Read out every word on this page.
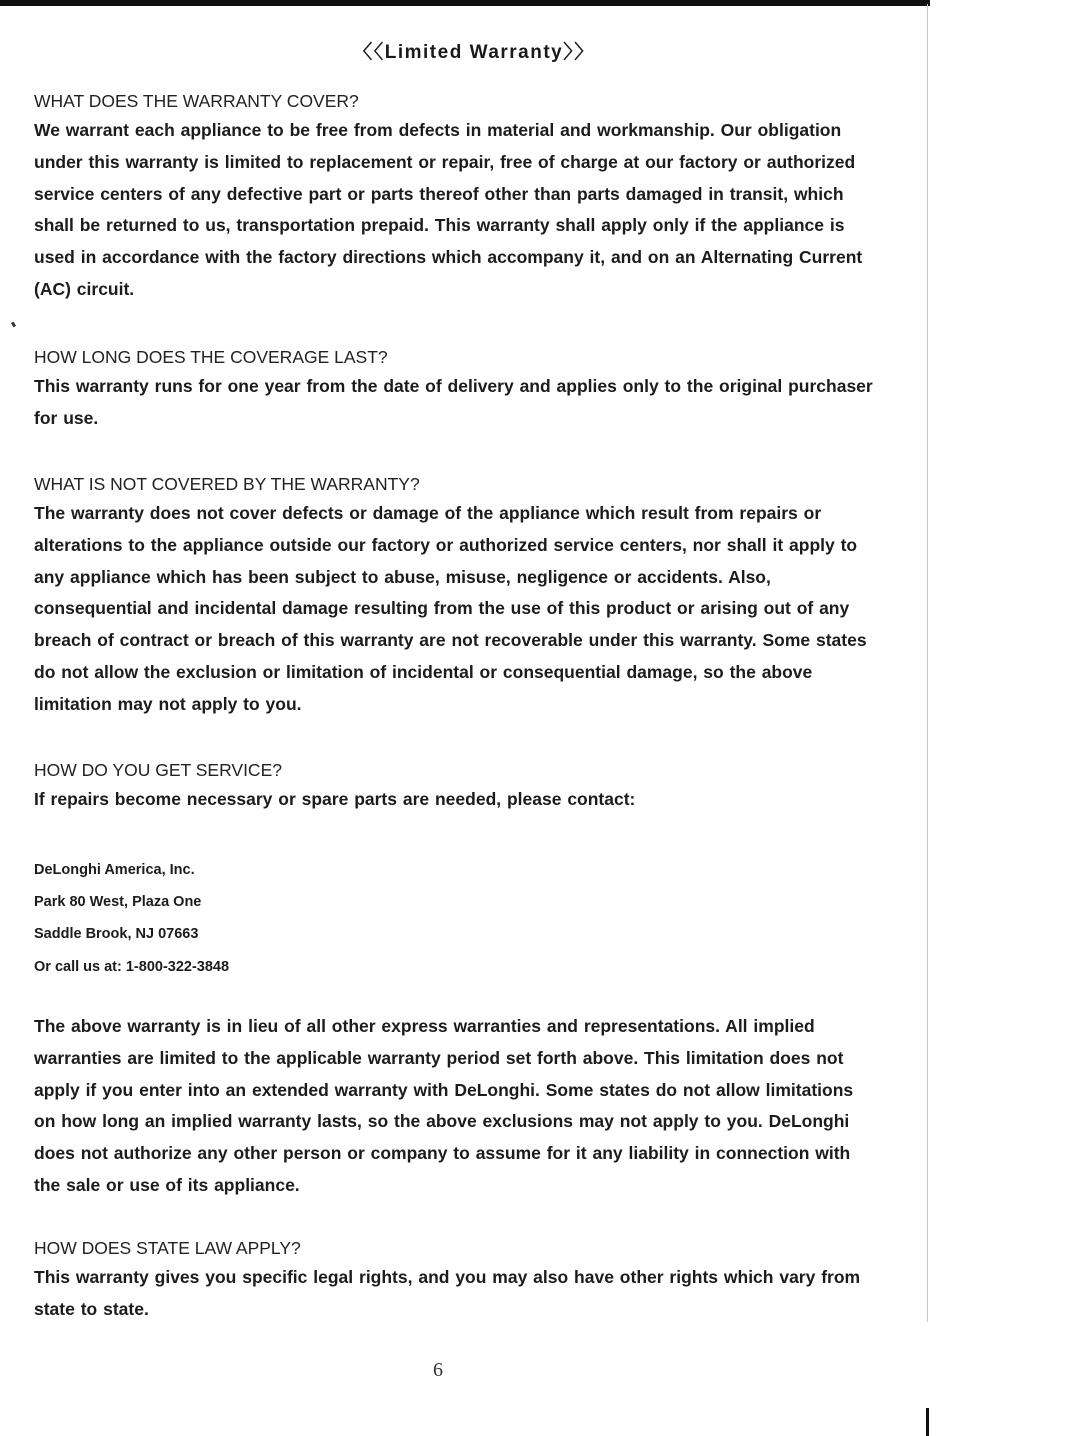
〈〈Limited Warranty〉〉
WHAT DOES THE WARRANTY COVER?

We warrant each appliance to be free from defects in material and workmanship. Our obligation under this warranty is limited to replacement or repair, free of charge at our factory or authorized service centers of any defective part or parts thereof other than parts damaged in transit, which shall be returned to us, transportation prepaid. This warranty shall apply only if the appliance is used in accordance with the factory directions which accompany it, and on an Alternating Current (AC) circuit.

HOW LONG DOES THE COVERAGE LAST?

This warranty runs for one year from the date of delivery and applies only to the original purchaser for use.

WHAT IS NOT COVERED BY THE WARRANTY?

The warranty does not cover defects or damage of the appliance which result from repairs or alterations to the appliance outside our factory or authorized service centers, nor shall it apply to any appliance which has been subject to abuse, misuse, negligence or accidents. Also, consequential and incidental damage resulting from the use of this product or arising out of any breach of contract or breach of this warranty are not recoverable under this warranty. Some states do not allow the exclusion or limitation of incidental or consequential damage, so the above limitation may not apply to you.

HOW DO YOU GET SERVICE?

If repairs become necessary or spare parts are needed, please contact:

DeLonghi America, Inc.
Park 80 West, Plaza One
Saddle Brook, NJ 07663
Or call us at: 1-800-322-3848

The above warranty is in lieu of all other express warranties and representations. All implied warranties are limited to the applicable warranty period set forth above. This limitation does not apply if you enter into an extended warranty with DeLonghi. Some states do not allow limitations on how long an implied warranty lasts, so the above exclusions may not apply to you. DeLonghi does not authorize any other person or company to assume for it any liability in connection with the sale or use of its appliance.

HOW DOES STATE LAW APPLY?

This warranty gives you specific legal rights, and you may also have other rights which vary from state to state.

6
